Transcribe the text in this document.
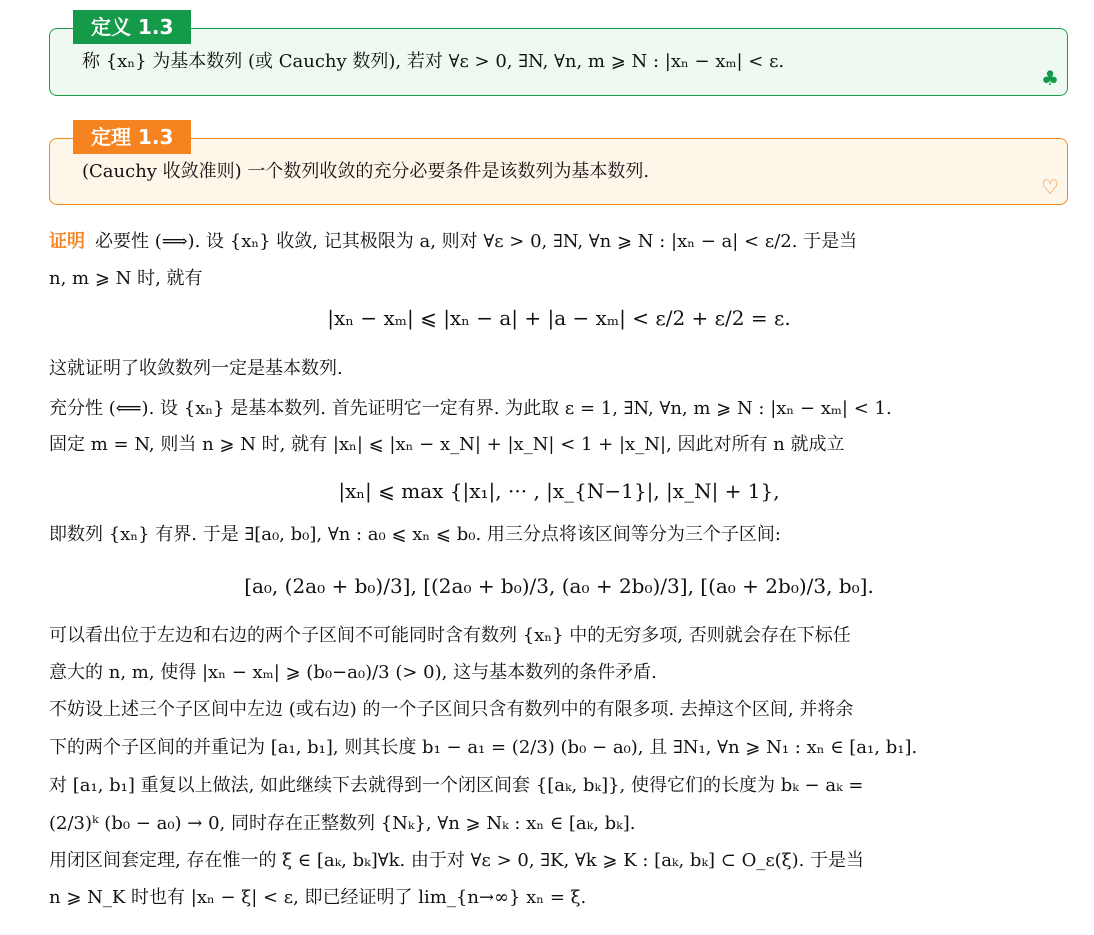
称 {xₙ} 为基本数列 (或 Cauchy 数列), 若对 ∀ε > 0, ∃N, ∀n, m ⩾ N : |xₙ − xₘ| < ε.
♣
定义 1.3
(Cauchy 收敛准则) 一个数列收敛的充分必要条件是该数列为基本数列.
♡
定理 1.3
证明 必要性 (⟹). 设 {xₙ} 收敛, 记其极限为 a, 则对 ∀ε > 0, ∃N, ∀n ⩾ N : |xₙ − a| < ε/2. 于是当
n, m ⩾ N 时, 就有
|xₙ − xₘ| ⩽ |xₙ − a| + |a − xₘ| < ε/2 + ε/2 = ε.
这就证明了收敛数列一定是基本数列.
充分性 (⟸). 设 {xₙ} 是基本数列. 首先证明它一定有界. 为此取 ε = 1, ∃N, ∀n, m ⩾ N : |xₙ − xₘ| < 1.
固定 m = N, 则当 n ⩾ N 时, 就有 |xₙ| ⩽ |xₙ − x_N| + |x_N| < 1 + |x_N|, 因此对所有 n 就成立
|xₙ| ⩽ max {|x₁|, ··· , |x_{N−1}|, |x_N| + 1},
即数列 {xₙ} 有界. 于是 ∃[a₀, b₀], ∀n : a₀ ⩽ xₙ ⩽ b₀. 用三分点将该区间等分为三个子区间:
[a₀, (2a₀ + b₀)/3], [(2a₀ + b₀)/3, (a₀ + 2b₀)/3], [(a₀ + 2b₀)/3, b₀].
可以看出位于左边和右边的两个子区间不可能同时含有数列 {xₙ} 中的无穷多项, 否则就会存在下标任
意大的 n, m, 使得 |xₙ − xₘ| ⩾ (b₀−a₀)/3 (> 0), 这与基本数列的条件矛盾.
不妨设上述三个子区间中左边 (或右边) 的一个子区间只含有数列中的有限多项. 去掉这个区间, 并将余
下的两个子区间的并重记为 [a₁, b₁], 则其长度 b₁ − a₁ = (2/3) (b₀ − a₀), 且 ∃N₁, ∀n ⩾ N₁ : xₙ ∈ [a₁, b₁].
对 [a₁, b₁] 重复以上做法, 如此继续下去就得到一个闭区间套 {[aₖ, bₖ]}, 使得它们的长度为 bₖ − aₖ =
(2/3)ᵏ (b₀ − a₀) → 0, 同时存在正整数列 {Nₖ}, ∀n ⩾ Nₖ : xₙ ∈ [aₖ, bₖ].
用闭区间套定理, 存在惟一的 ξ ∈ [aₖ, bₖ]∀k. 由于对 ∀ε > 0, ∃K, ∀k ⩾ K : [aₖ, bₖ] ⊂ O_ε(ξ). 于是当
n ⩾ N_K 时也有 |xₙ − ξ| < ε, 即已经证明了 lim_{n→∞} xₙ = ξ.
